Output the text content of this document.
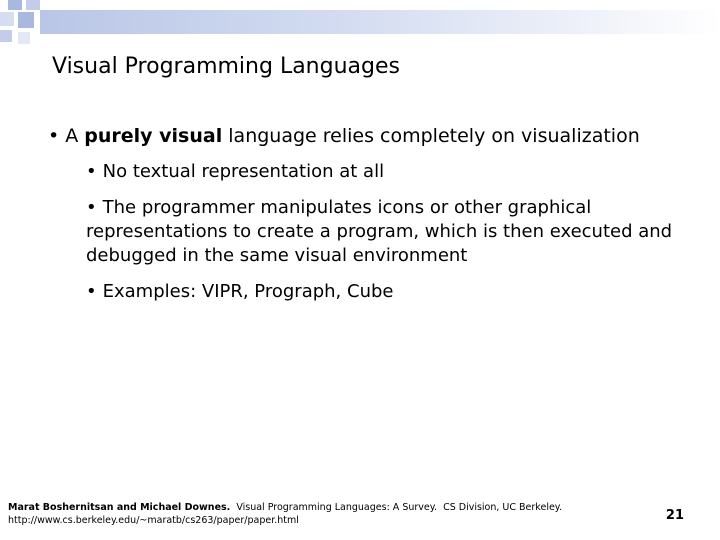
Visual Programming Languages
• A purely visual language relies completely on visualization
• No textual representation at all
• The programmer manipulates icons or other graphical representations to create a program, which is then executed and debugged in the same visual environment
• Examples: VIPR, Prograph, Cube
Marat Boshernitsan and Michael Downes.  Visual Programming Languages: A Survey.  CS Division, UC Berkeley.
http://www.cs.berkeley.edu/~maratb/cs263/paper/paper.html	21
